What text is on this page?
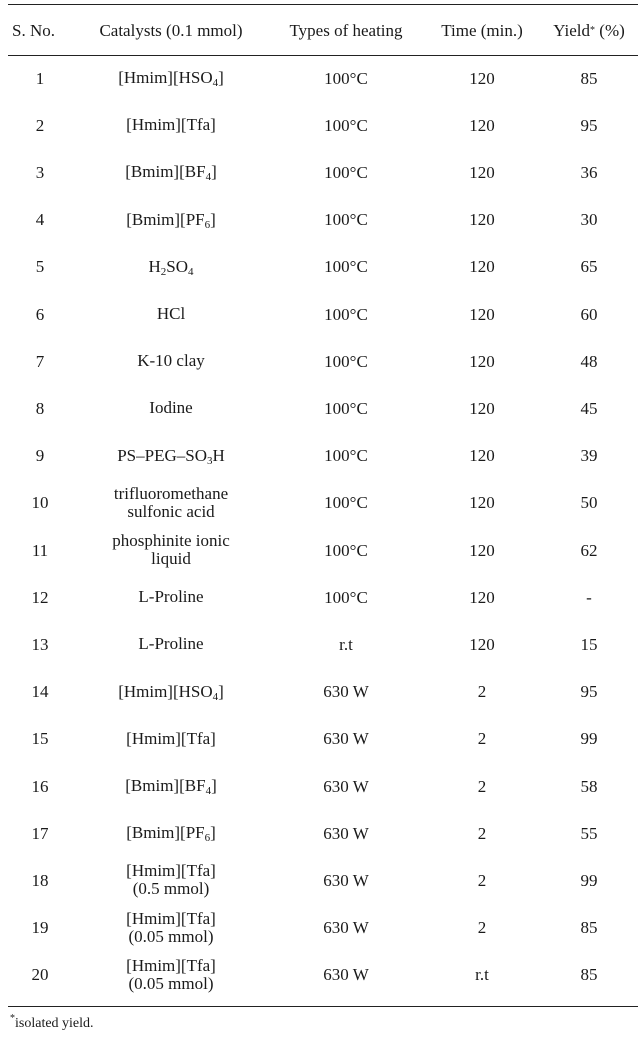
S. No.	Catalysts (0.1 mmol)	Types of heating	Time (min.)	Yield * (%)
1	$[Hmim][HSO_4]$	100°C	120	85
2	[Hmim][Tfa]	100°C	120	95
3	$[Bmim][BF_4]$	100°C	120	36
4	$[Bmim][PF_6]$	100°C	120	30
5	$H_2SO_4$	100°C	120	65
6	HCl	100°C	120	60
7	K-10 clay	100°C	120	48
8	Iodine	100°C	120	45
9	$PS-PEG-SO_3H$	100°C	120	39
10	trifluoromethane
sulfonic acid	100°C	120	50
11	phosphinite ionic
liquid	100°C	120	62
12	L-Proline	100°C	120	-
13	L-Proline	r.t	120	15
14	$[Hmim][HSO_4]$	630 W	2	95
15	[Hmim][Tfa]	630 W	2	99
16	$[Bmim][BF_4]$	630 W	2	58
17	$[Bmim][PF_6]$	630 W	2	55
18	[Hmim][Tfa]
(0.5 mmol)	630 W	2	99
19	[Hmim][Tfa]
(0.05 mmol)	630 W	2	85
20	[Hmim][Tfa]
(0.05 mmol)	630 W	r.t	85
*isolated yield.
